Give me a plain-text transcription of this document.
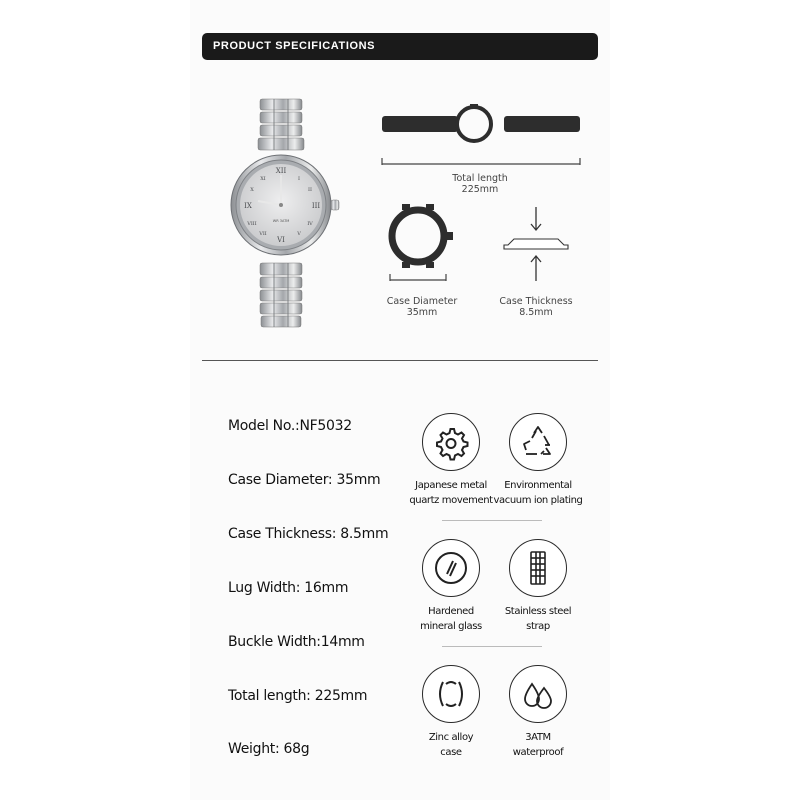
PRODUCT SPECIFICATIONS
XII
III
VI
IX
I
II
IV
V
VII
VIII
X
XI
WR 3ATM
Total length
225mm
Case Diameter
35mm
Case Thickness
8.5mm
Model No.:NF5032
Case Diameter: 35mm
Case Thickness: 8.5mm
Lug Width: 16mm
Buckle Width:14mm
Total length: 225mm
Weight: 68g
Japanese metal
quartz movement
Environmental
vacuum ion plating
Hardened
mineral glass
Stainless steel
strap
Zinc alloy
case
3ATM
waterproof
